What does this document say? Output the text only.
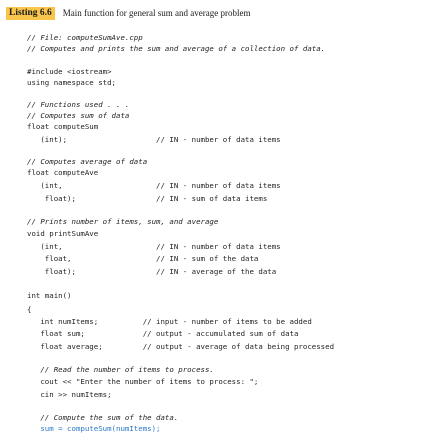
Listing 6.6	Main function for general sum and average problem
// File: computeSumAve.cpp
// Computes and prints the sum and average of a collection of data.
#include <iostream>
using namespace std;
// Functions used . . .
// Computes sum of data
float computeSum
(int);                    // IN - number of data items
// Computes average of data
float computeAve
(int,                     // IN - number of data items
float);                  // IN - sum of data items
// Prints number of items, sum, and average
void printSumAve
(int,                     // IN - number of data items
float,                   // IN - sum of the data
float);                  // IN - average of the data
int main()
{
int numItems;          // input - number of items to be added
float sum;             // output - accumulated sum of data
float average;         // output - average of data being processed
// Read the number of items to process.
cout << "Enter the number of items to process: ";
cin >> numItems;
// Compute the sum of the data.
sum = computeSum(numItems);
